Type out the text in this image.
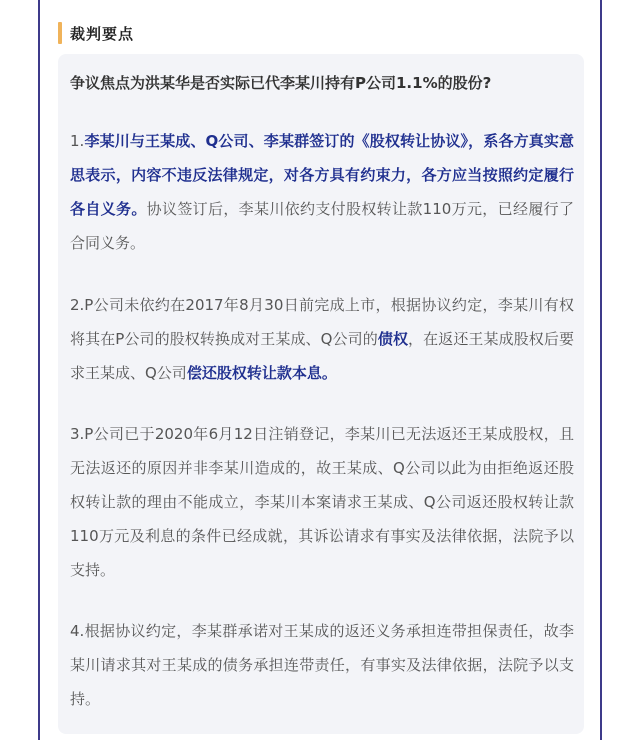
裁判要点
争议焦点为洪某华是否实际已代李某川持有P公司1.1%的股份?
1.李某川与王某成、Q公司、李某群签订的《股权转让协议》，系各方真实意思表示，内容不违反法律规定，对各方具有约束力，各方应当按照约定履行各自义务。协议签订后，李某川依约支付股权转让款110万元，已经履行了合同义务。
2.P公司未依约在2017年8月30日前完成上市，根据协议约定，李某川有权将其在P公司的股权转换成对王某成、Q公司的债权，在返还王某成股权后要求王某成、Q公司偿还股权转让款本息。
3.P公司已于2020年6月12日注销登记，李某川已无法返还王某成股权，且无法返还的原因并非李某川造成的，故王某成、Q公司以此为由拒绝返还股权转让款的理由不能成立，李某川本案请求王某成、Q公司返还股权转让款110万元及利息的条件已经成就，其诉讼请求有事实及法律依据，法院予以支持。
4.根据协议约定，李某群承诺对王某成的返还义务承担连带担保责任，故李某川请求其对王某成的债务承担连带责任，有事实及法律依据，法院予以支持。
